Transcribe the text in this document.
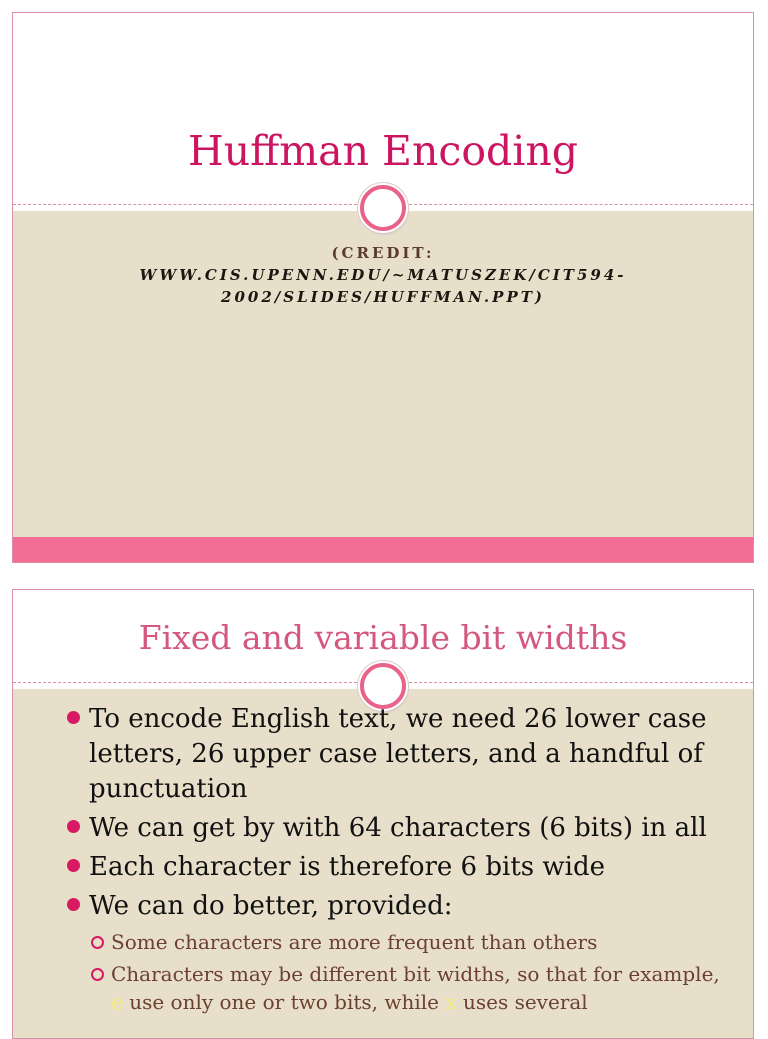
Huffman Encoding
(CREDIT:
WWW.CIS.UPENN.EDU/~MATUSZEK/CIT594-
2002/SLIDES/HUFFMAN.PPT)
Fixed and variable bit widths
To encode English text, we need 26 lower case letters, 26 upper case letters, and a handful of punctuation
We can get by with 64 characters (6 bits) in all
Each character is therefore 6 bits wide
We can do better, provided:
Some characters are more frequent than others
Characters may be different bit widths, so that for example, e use only one or two bits, while x uses several
